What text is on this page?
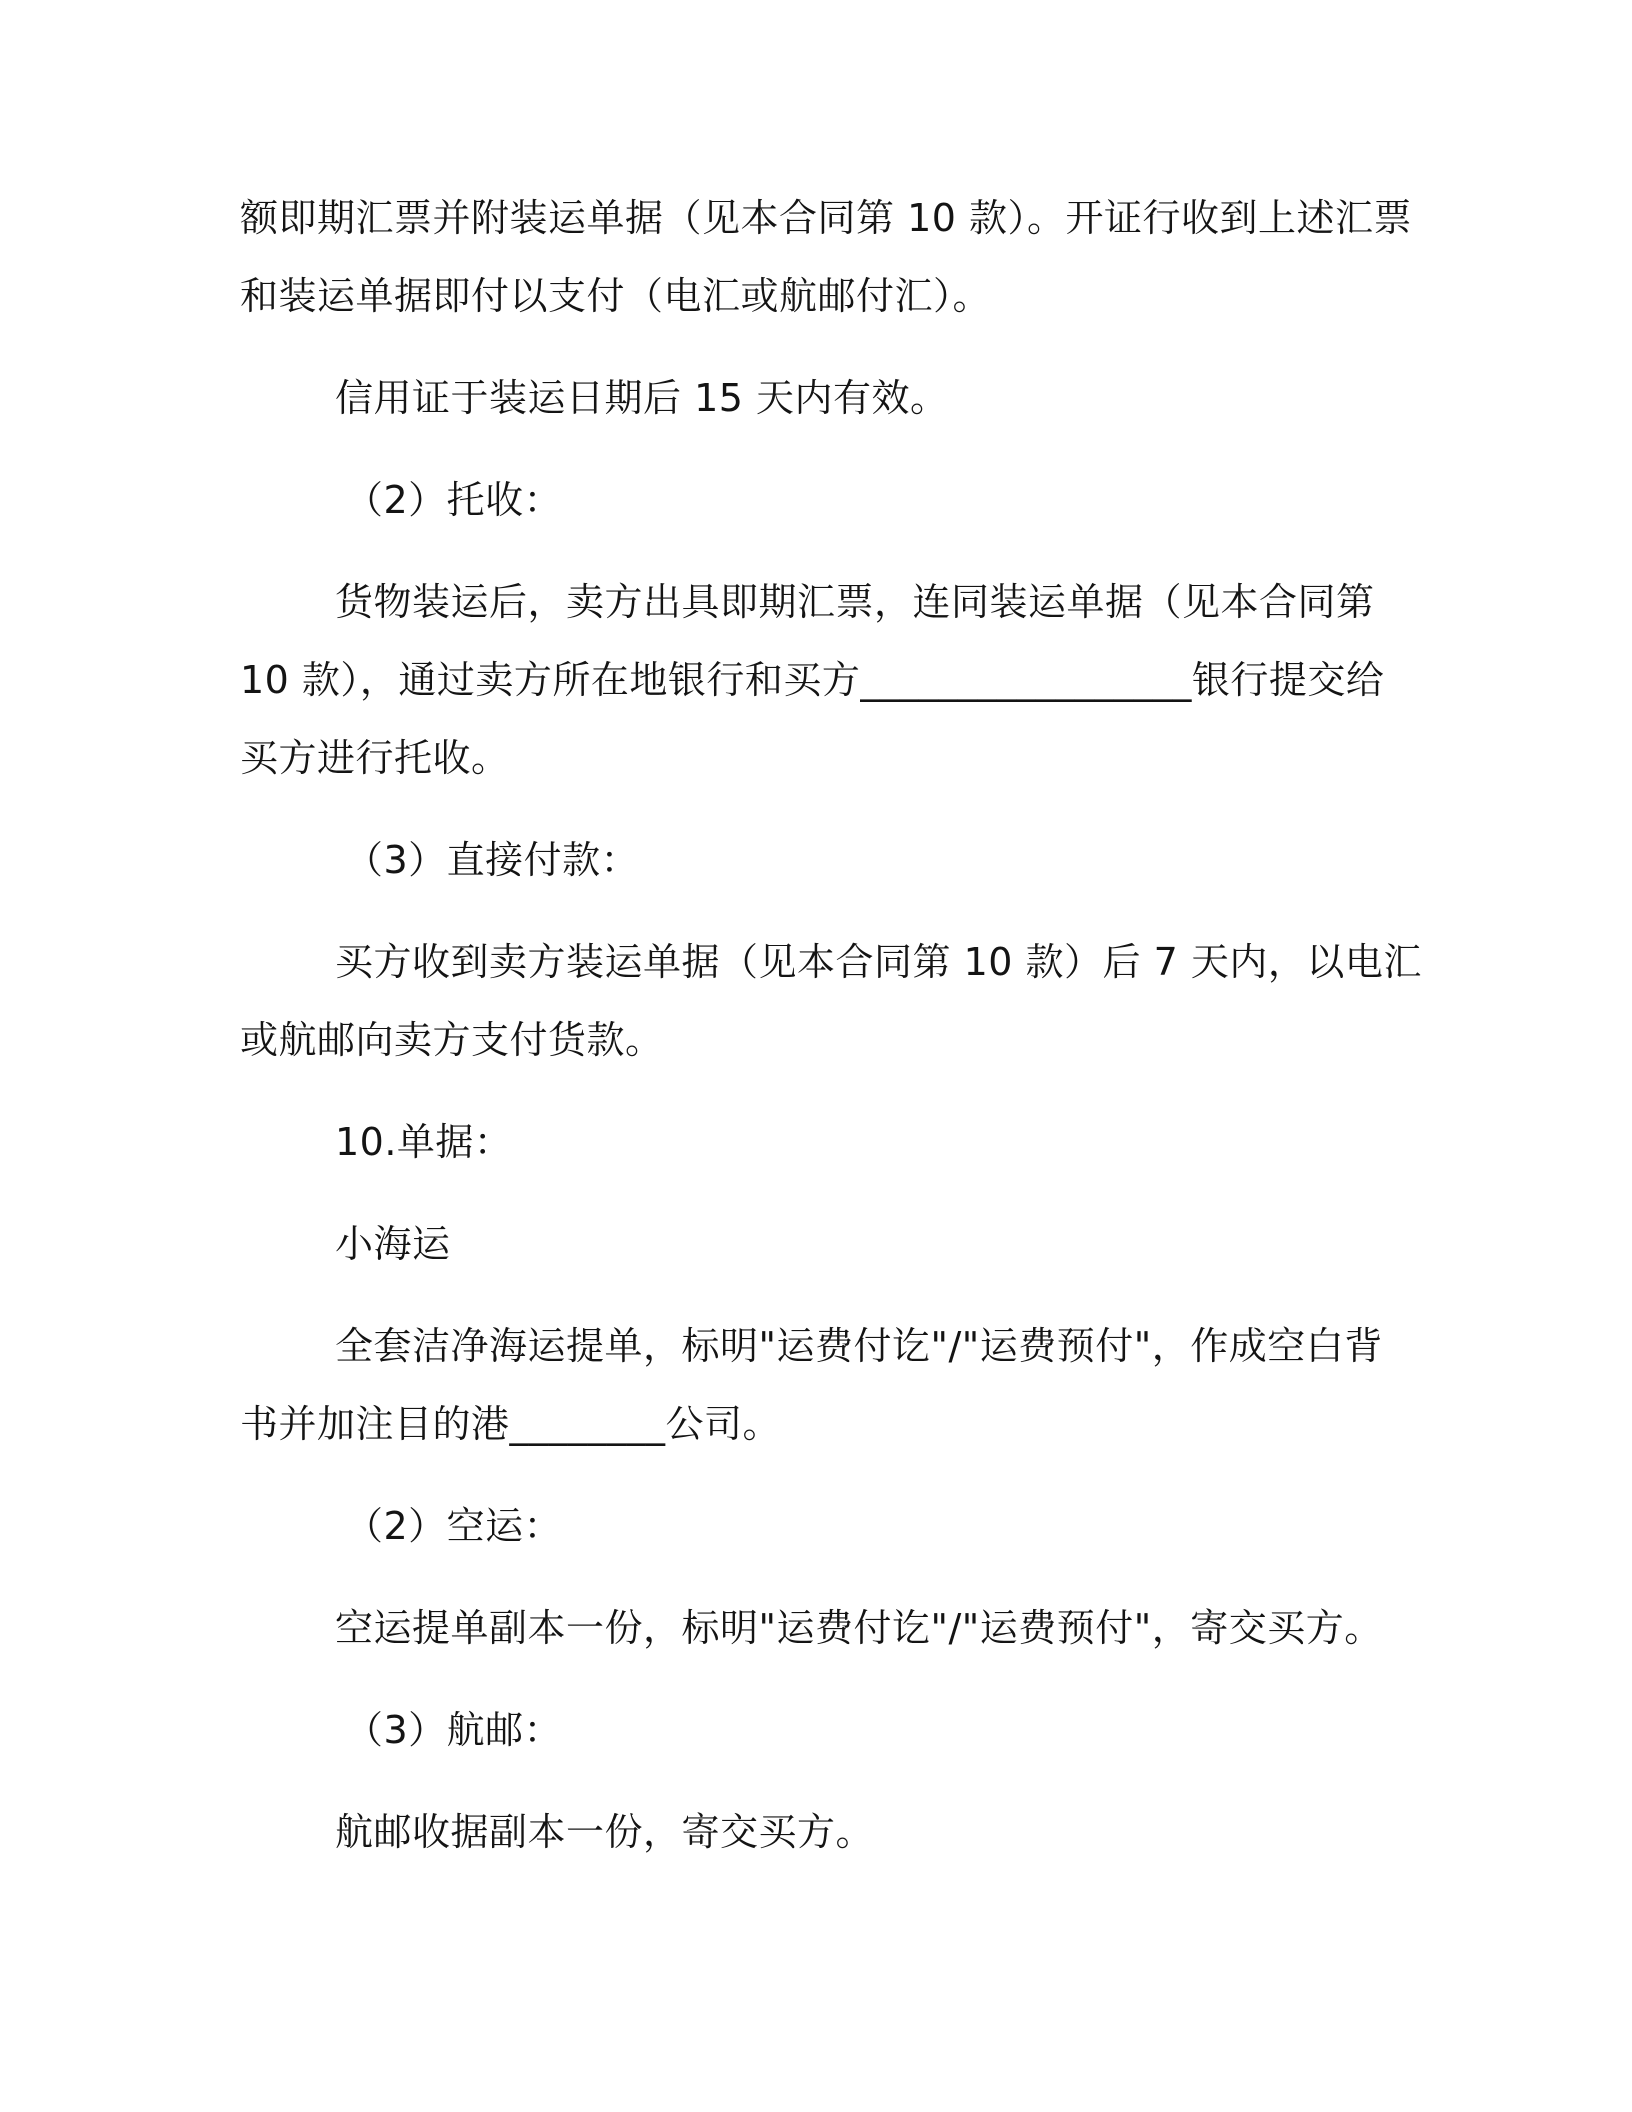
额即期汇票并附装运单据（见本合同第 10 款）。开证行收到上述汇票
和装运单据即付以支付（电汇或航邮付汇）。
信用证于装运日期后 15 天内有效。
（2）托收：
货物装运后，卖方出具即期汇票，连同装运单据（见本合同第
10 款），通过卖方所在地银行和买方_________________银行提交给
买方进行托收。
（3）直接付款：
买方收到卖方装运单据（见本合同第 10 款）后 7 天内，以电汇
或航邮向卖方支付货款。
10.单据：
小海运
全套洁净海运提单，标明"运费付讫"/"运费预付"，作成空白背
书并加注目的港________公司。
（2）空运：
空运提单副本一份，标明"运费付讫"/"运费预付"，寄交买方。
（3）航邮：
航邮收据副本一份，寄交买方。
